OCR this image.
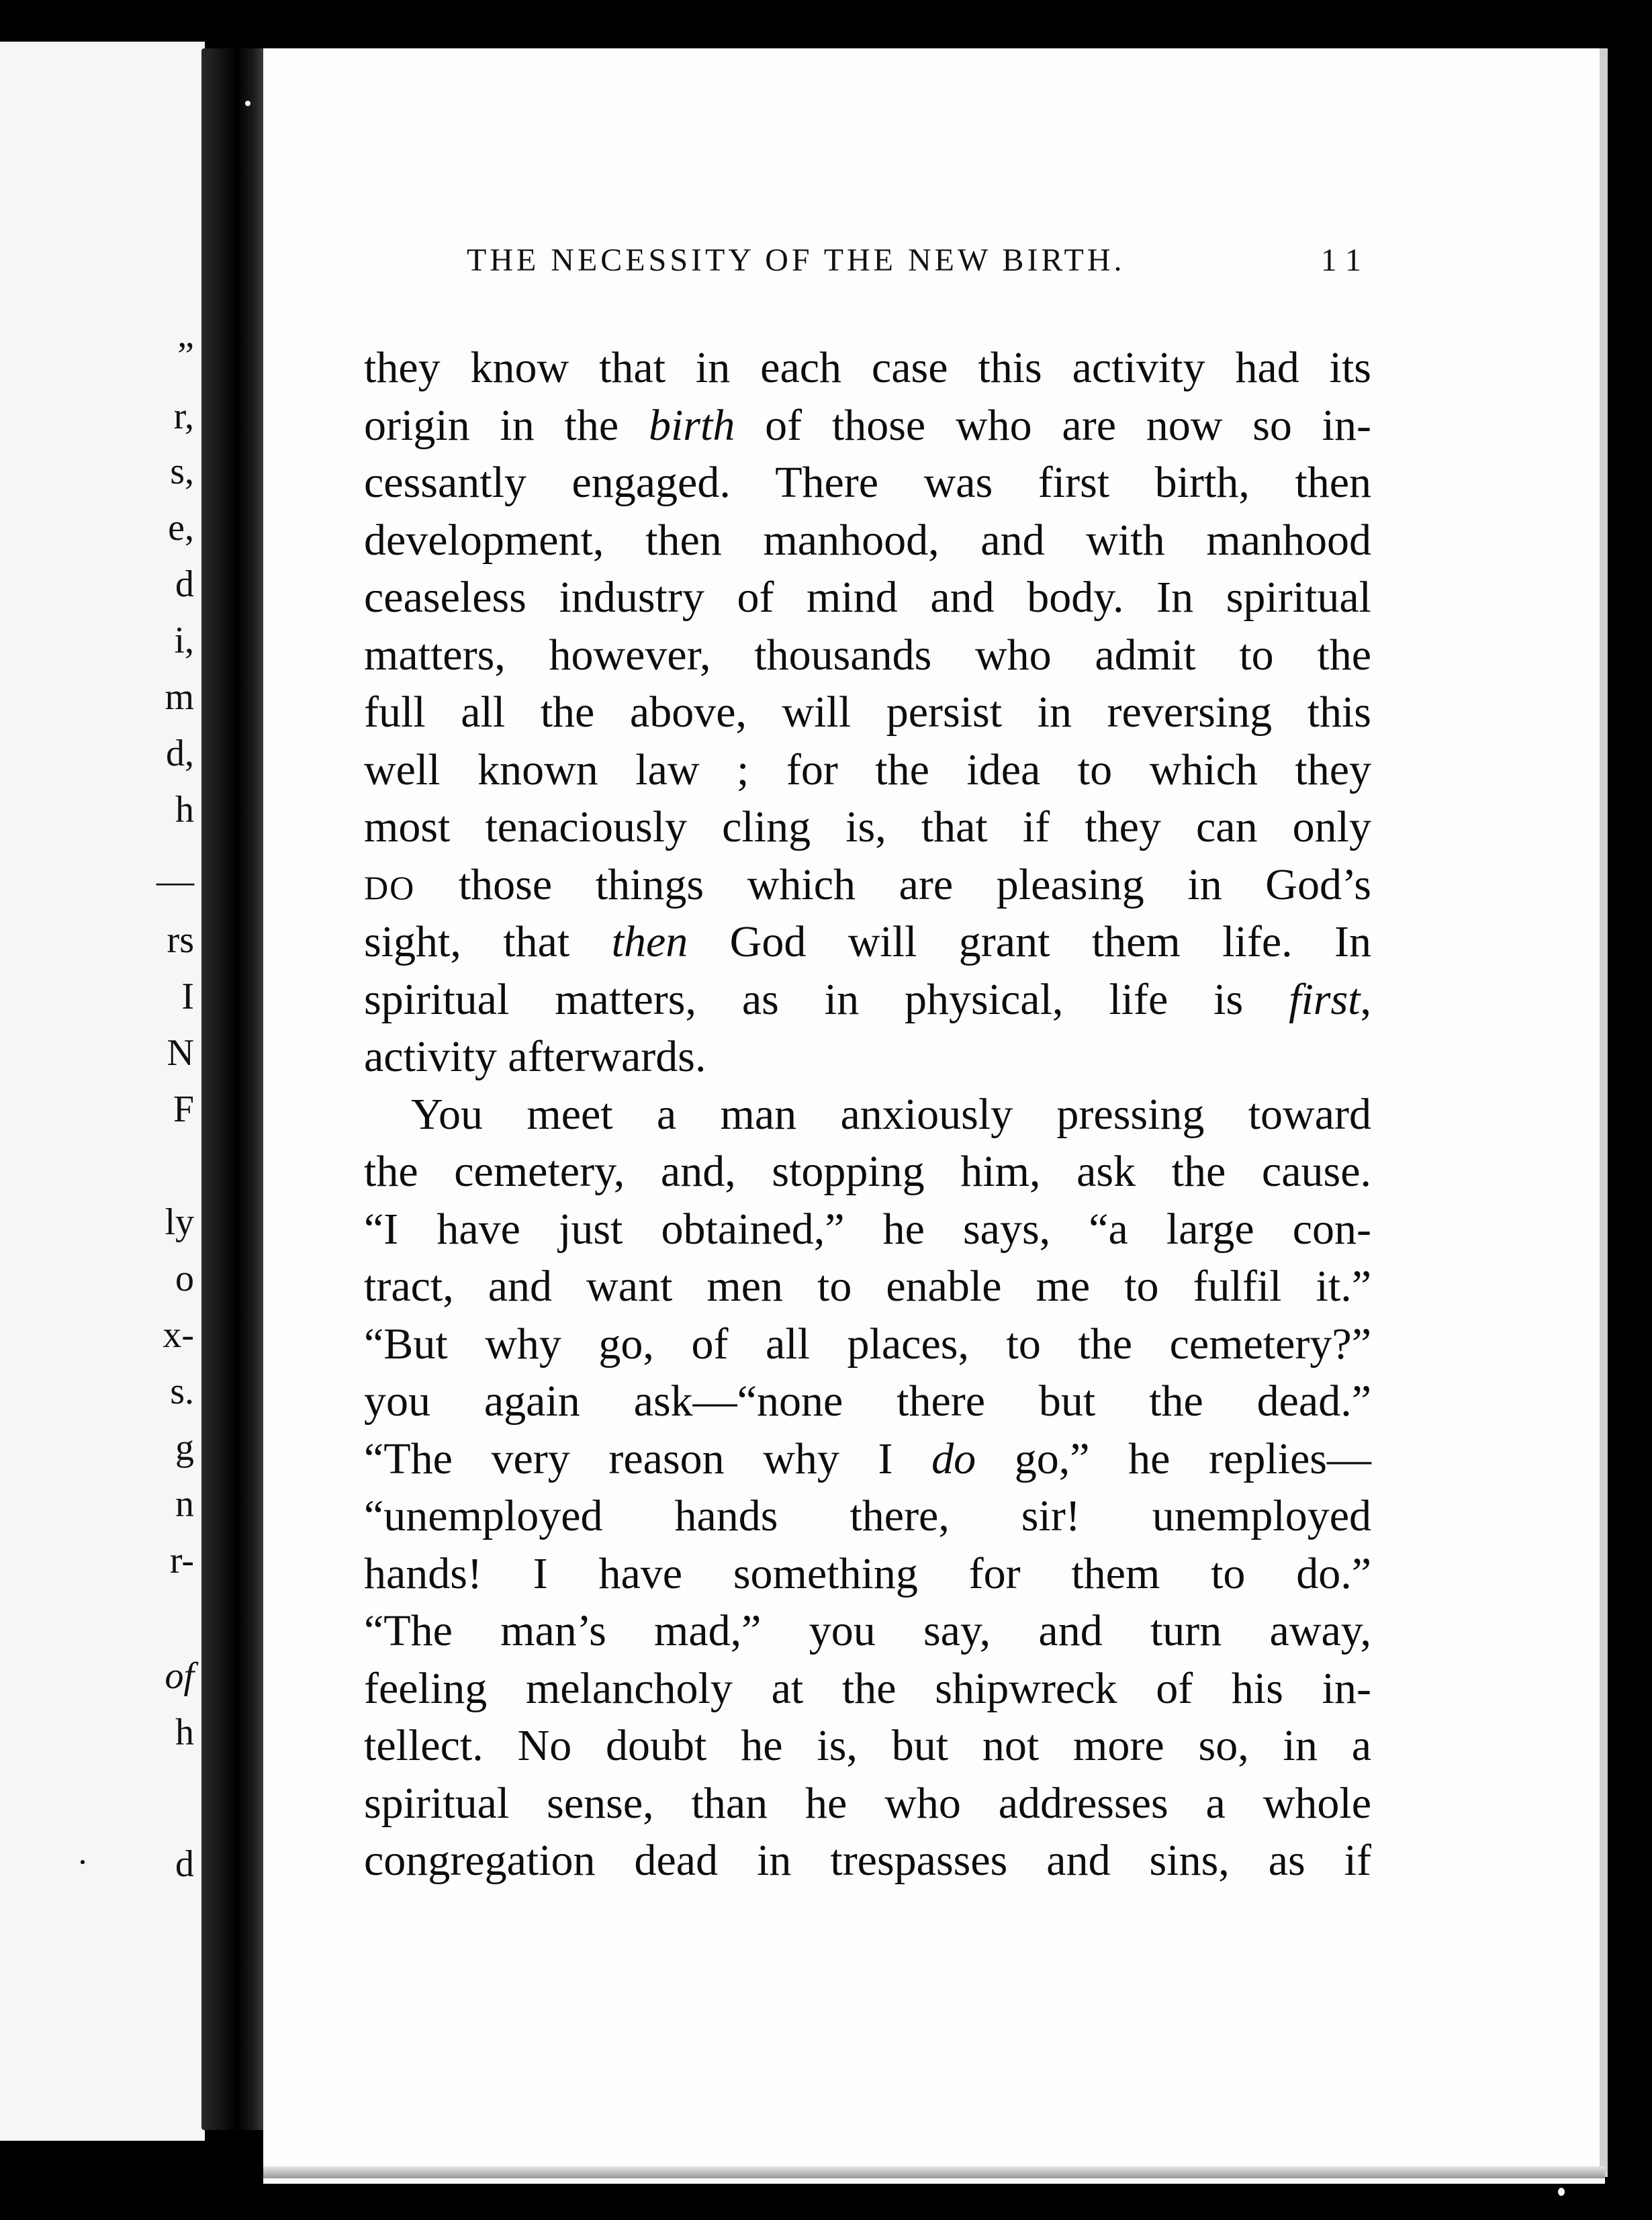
”
r,
s,
e,
d
i,
m
d,
h
—
rs
I
N
F
ly
o
x-
s.
g
n
r-
of
h
d
THE NECESSITY OF THE NEW BIRTH.	11
they know that in each case this activity had its
origin in the birth of those who are now so in-
cessantly engaged. There was first birth, then
development, then manhood, and with manhood
ceaseless industry of mind and body. In spiritual
matters, however, thousands who admit to the
full all the above, will persist in reversing this
well known law ; for the idea to which they
most tenaciously cling is, that if they can only
DO those things which are pleasing in God’s
sight, that then God will grant them life. In
spiritual matters, as in physical, life is first,
activity afterwards.
You meet a man anxiously pressing toward
the cemetery, and, stopping him, ask the cause.
“I have just obtained,” he says, “a large con-
tract, and want men to enable me to fulfil it.”
“But why go, of all places, to the cemetery?”
you again ask—“none there but the dead.”
“The very reason why I do go,” he replies—
“unemployed hands there, sir! unemployed
hands! I have something for them to do.”
“The man’s mad,” you say, and turn away,
feeling melancholy at the shipwreck of his in-
tellect. No doubt he is, but not more so, in a
spiritual sense, than he who addresses a whole
congregation dead in trespasses and sins, as if
